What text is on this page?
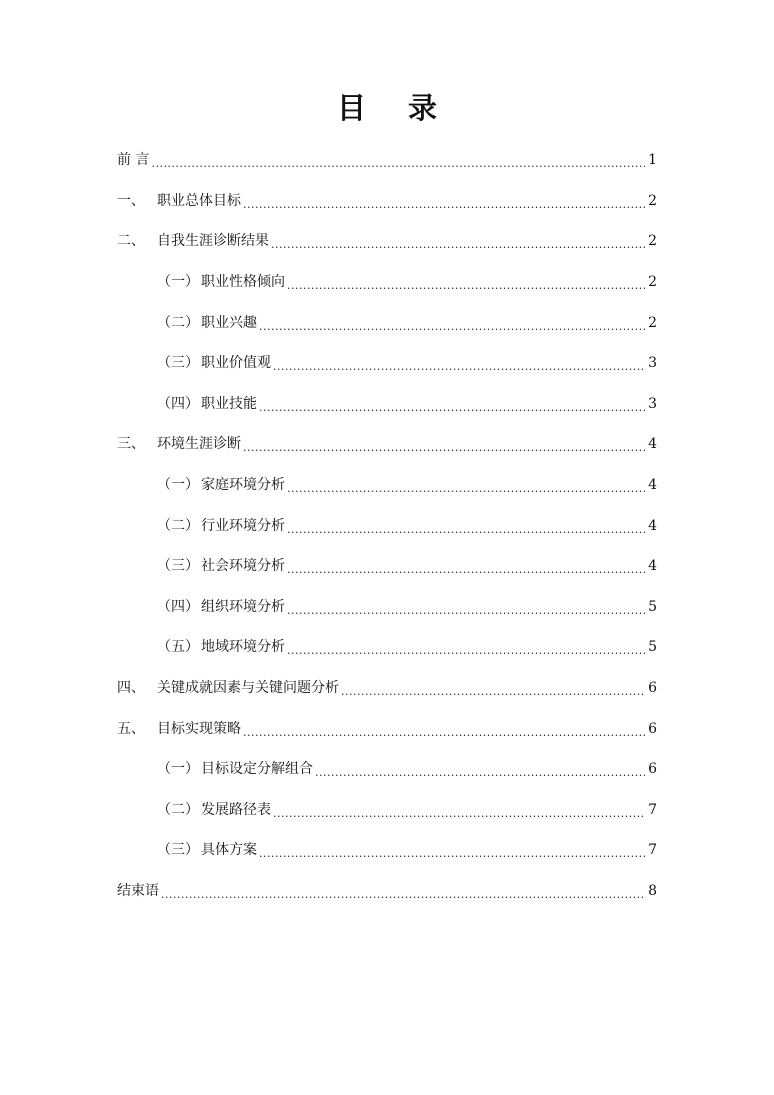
目 录
前 言 .....	1
一、 职业总体目标 .....	2
二、 自我生涯诊断结果 .....	2
（一） 职业性格倾向 .....	2
（二） 职业兴趣 .....	2
（三） 职业价值观 .....	3
（四） 职业技能 .....	3
三、 环境生涯诊断 .....	4
（一） 家庭环境分析 .....	4
（二） 行业环境分析 .....	4
（三） 社会环境分析 .....	4
（四） 组织环境分析 .....	5
（五） 地域环境分析 .....	5
四、 关键成就因素与关键问题分析 .....	6
五、 目标实现策略 .....	6
（一） 目标设定分解组合 .....	6
（二） 发展路径表 .....	7
（三） 具体方案 .....	7
结束语 .....	8
